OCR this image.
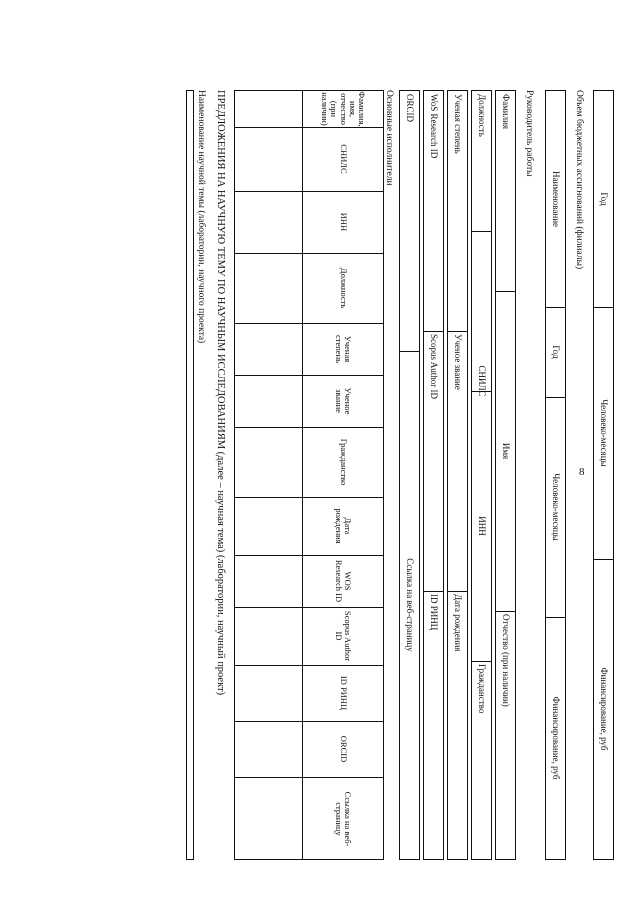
8
Год
Человеко-месяцы
Финансирование, руб
Объем бюджетных ассигнований (филиалы)
Наименование
Год
Человеко-месяцы
Финансирование, руб
Руководитель работы
Фамилия
Имя
Отчество (при наличии)
Должность
СНИЛС
ИНН
Гражданство
Ученая степень
Ученое звание
Дата рождения
WoS Research ID
Scopus Author ID
ID РИНЦ
ORCID
Ссылка на веб-страницу
Основные исполнители
Фамилия, имя, отчество (при наличии)
СНИЛС
ИНН
Должность
Ученая степень
Ученое звание
Гражданство
Дата рождения
WOS Research ID
Scopus Author ID
ID РИНЦ
ORCID
Ссылка на веб-страницу
ПРЕДЛОЖЕНИЯ НА НАУЧНУЮ ТЕМУ ПО НАУЧНЫМ ИССЛЕДОВАНИЯМ (далее – научная тема) (лаборатории, научный проект)
Наименование научной темы (лаборатории, научного проекта)
